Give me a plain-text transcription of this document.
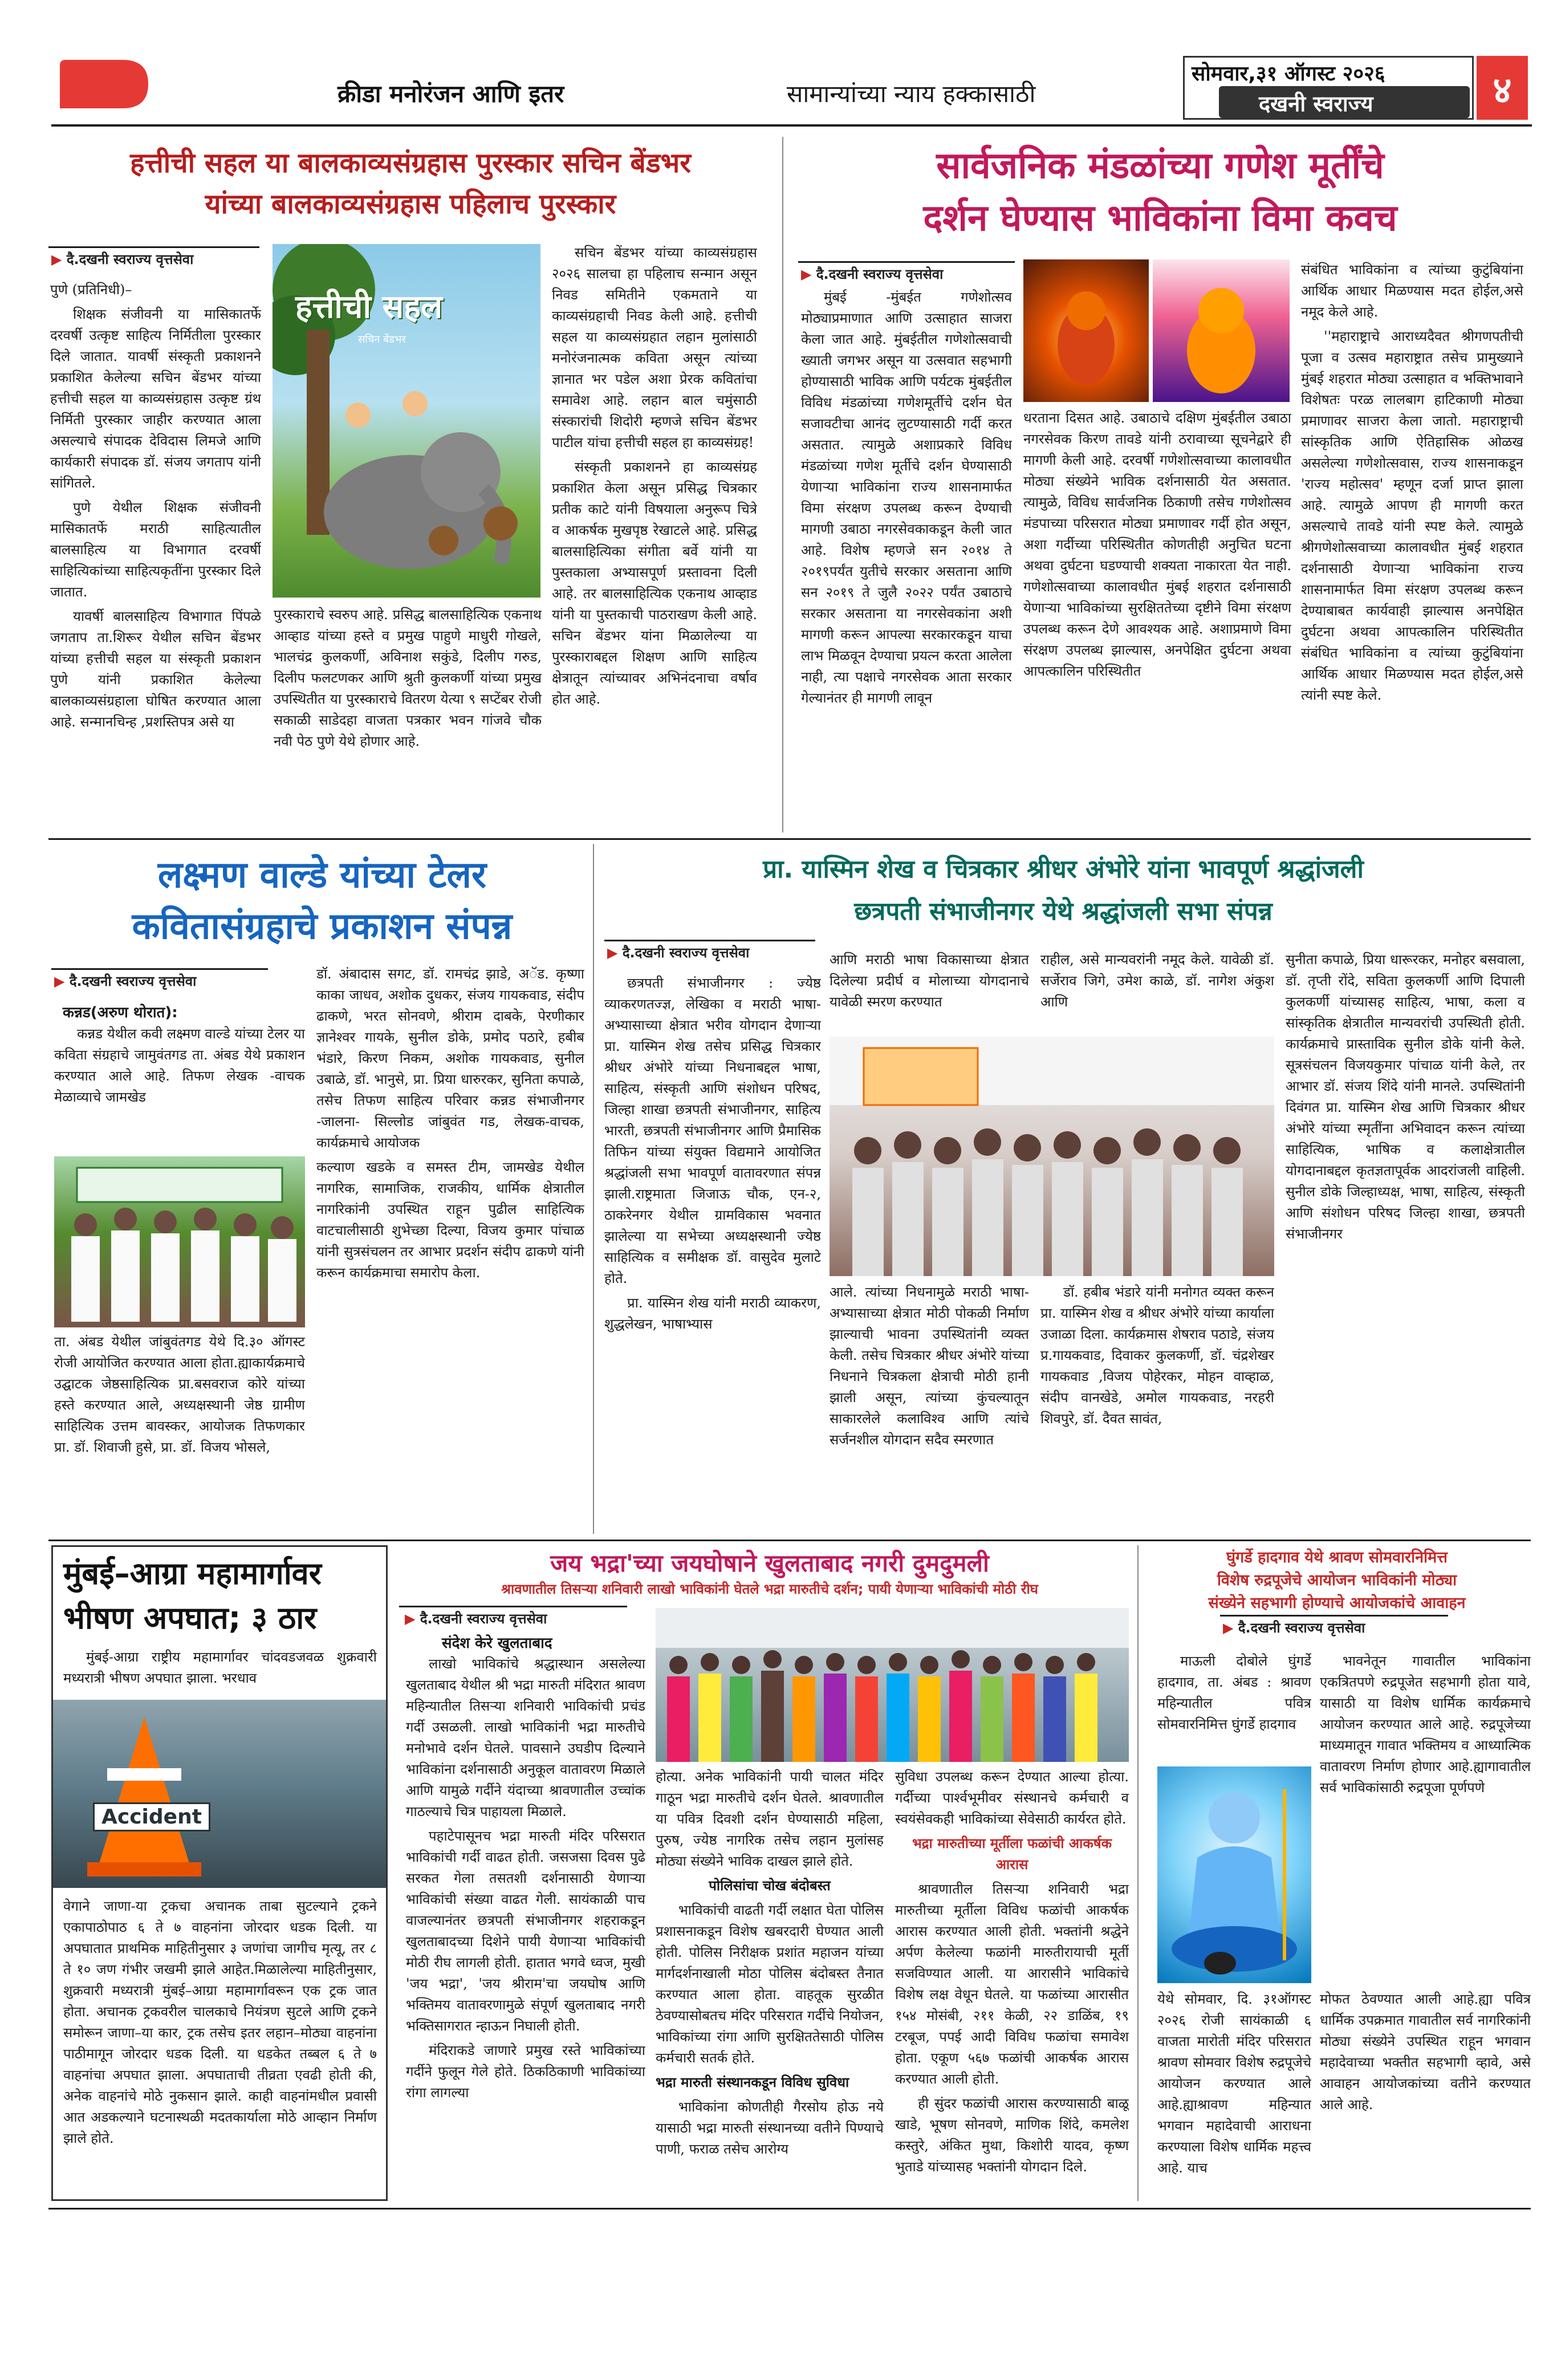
क्रीडा मनोरंजन आणि इतर	सामान्यांच्या न्याय हक्कासाठी
सोमवार,३१ ऑगस्ट २०२६
दखनी स्वराज्य	४
हत्तीची सहल या बालकाव्यसंग्रहास पुरस्कार सचिन बेंडभर
यांच्या बालकाव्यसंग्रहास पहिलाच पुरस्कार
▶ दै.दखनी स्वराज्य वृत्तसेवा

पुणे (प्रतिनिधी)–

शिक्षक संजीवनी या मासिकातर्फे दरवर्षी उत्कृष्ट साहित्य निर्मितीला पुरस्कार दिले जातात. यावर्षी संस्कृती प्रकाशनने प्रकाशित केलेल्या सचिन बेंडभर यांच्या हत्तीची सहल या काव्यसंग्रहास उत्कृष्ट ग्रंथ निर्मिती पुरस्कार जाहीर करण्यात आला असल्याचे संपादक देविदास लिमजे आणि कार्यकारी संपादक डॉ. संजय जगताप यांनी सांगितले.

पुणे येथील शिक्षक संजीवनी मासिकातर्फे मराठी साहित्यातील बालसाहित्य या विभागात दरवर्षी साहित्यिकांच्या साहित्यकृतींना पुरस्कार दिले जातात.

यावर्षी बालसाहित्य विभागात पिंपळे जगताप ता.शिरूर येथील सचिन बेंडभर यांच्या हत्तीची सहल या संस्कृती प्रकाशन पुणे यांनी प्रकाशित केलेल्या बालकाव्यसंग्रहाला घोषित करण्यात आला आहे. सन्मानचिन्ह ,प्रशस्तिपत्र असे या

हत्तीची सहल
सचिन बेंडभर

पुरस्काराचे स्वरुप आहे. प्रसिद्ध बालसाहित्यिक एकनाथ आव्हाड यांच्या हस्ते व प्रमुख पाहुणे माधुरी गोखले, भालचंद्र कुलकर्णी, अविनाश सकुंडे, दिलीप गरुड, दिलीप फलटणकर आणि श्रुती कुलकर्णी यांच्या प्रमुख उपस्थितीत या पुरस्काराचे वितरण येत्या ९ सप्टेंबर रोजी सकाळी साडेदहा वाजता पत्रकार भवन गांजवे चौक नवी पेठ पुणे येथे होणार आहे.

सचिन बेंडभर यांच्या काव्यसंग्रहास २०२६ सालचा हा पहिलाच सन्मान असून निवड समितीने एकमताने या काव्यसंग्रहाची निवड केली आहे. हत्तीची सहल या काव्यसंग्रहात लहान मुलांसाठी मनोरंजनात्मक कविता असून त्यांच्या ज्ञानात भर पडेल अशा प्रेरक कवितांचा समावेश आहे. लहान बाल चमुंसाठी संस्कारांची शिदोरी म्हणजे सचिन बेंडभर पाटील यांचा हत्तीची सहल हा काव्यसंग्रह!

संस्कृती प्रकाशनने हा काव्यसंग्रह प्रकाशित केला असून प्रसिद्ध चित्रकार प्रतीक काटे यांनी विषयाला अनुरूप चित्रे व आकर्षक मुखपृष्ठ रेखाटले आहे. प्रसिद्ध बालसाहित्यिका संगीता बर्वे यांनी या पुस्तकाला अभ्यासपूर्ण प्रस्तावना दिली आहे. तर बालसाहित्यिक एकनाथ आव्हाड यांनी या पुस्तकाची पाठराखण केली आहे. सचिन बेंडभर यांना मिळालेल्या या पुरस्काराबद्दल शिक्षण आणि साहित्य क्षेत्रातून त्यांच्यावर अभिनंदनाचा वर्षाव होत आहे.

सार्वजनिक मंडळांच्या गणेश मूर्तींचे
दर्शन घेण्यास भाविकांना विमा कवच
▶ दै.दखनी स्वराज्य वृत्तसेवा

मुंबई -मुंबईत गणेशोत्सव मोठ्याप्रमाणात आणि उत्साहात साजरा केला जात आहे. मुंबईतील गणेशोत्सवाची ख्याती जगभर असून या उत्सवात सहभागी होण्यासाठी भाविक आणि पर्यटक मुंबईतील विविध मंडळांच्या गणेशमूर्तीचे दर्शन घेत सजावटीचा आनंद लुटण्यासाठी गर्दी करत असतात. त्यामुळे अशाप्रकारे विविध मंडळांच्या गणेश मूर्तीचे दर्शन घेण्यासाठी येणाऱ्या भाविकांना राज्य शासनामार्फत विमा संरक्षण उपलब्ध करून देण्याची मागणी उबाठा नगरसेवकाकडून केली जात आहे. विशेष म्हणजे सन २०१४ ते २०१९पर्यंत युतीचे सरकार असताना आणि सन २०१९ ते जुलै २०२२ पर्यंत उबाठाचे सरकार असताना या नगरसेवकांना अशी मागणी करून आपल्या सरकारकडून याचा लाभ मिळवून देण्याचा प्रयत्न करता आलेला नाही, त्या पक्षाचे नगरसेवक आता सरकार गेल्यानंतर ही मागणी लावून

धरताना दिसत आहे. उबाठाचे दक्षिण मुंबईतील उबाठा नगरसेवक किरण तावडे यांनी ठरावाच्या सूचनेद्वारे ही मागणी केली आहे. दरवर्षी गणेशोत्सवाच्या कालावधीत मोठ्या संख्येने भाविक दर्शनासाठी येत असतात. त्यामुळे, विविध सार्वजनिक ठिकाणी तसेच गणेशोत्सव मंडपाच्या परिसरात मोठ्या प्रमाणावर गर्दी होत असून, अशा गर्दीच्या परिस्थितीत कोणतीही अनुचित घटना अथवा दुर्घटना घडण्याची शक्यता नाकारता येत नाही. गणेशोत्सवाच्या कालावधीत मुंबई शहरात दर्शनासाठी येणाऱ्या भाविकांच्या सुरक्षिततेच्या दृष्टीने विमा संरक्षण उपलब्ध करून देणे आवश्यक आहे. अशाप्रमाणे विमा संरक्षण उपलब्ध झाल्यास, अनपेक्षित दुर्घटना अथवा आपत्कालिन परिस्थितीत

संबंधित भाविकांना व त्यांच्या कुटुंबियांना आर्थिक आधार मिळण्यास मदत होईल,असे नमूद केले आहे.

''महाराष्ट्राचे आराध्यदैवत श्रीगणपतीची पूजा व उत्सव महाराष्ट्रात तसेच प्रामुख्याने मुंबई शहरात मोठ्या उत्साहात व भक्तिभावाने विशेषतः परळ लालबाग हाटिकाणी मोठ्या प्रमाणावर साजरा केला जातो. महाराष्ट्राची सांस्कृतिक आणि ऐतिहासिक ओळख असलेल्या गणेशोत्सवास, राज्य शासनाकडून 'राज्य महोत्सव' म्हणून दर्जा प्राप्त झाला आहे. त्यामुळे आपण ही मागणी करत असल्याचे तावडे यांनी स्पष्ट केले. त्यामुळे श्रीगणेशोत्सवाच्या कालावधीत मुंबई शहरात दर्शनासाठी येणाऱ्या भाविकांना राज्य शासनामार्फत विमा संरक्षण उपलब्ध करून देण्याबाबत कार्यवाही झाल्यास अनपेक्षित दुर्घटना अथवा आपत्कालिन परिस्थितीत संबंधित भाविकांना व त्यांच्या कुटुंबियांना आर्थिक आधार मिळण्यास मदत होईल,असे त्यांनी स्पष्ट केले.

लक्ष्मण वाल्डे यांच्या टेलर
कवितासंग्रहाचे प्रकाशन संपन्न
▶ दै.दखनी स्वराज्य वृत्तसेवा
कन्नड(अरुण थोरात):

कन्नड येथील कवी लक्ष्मण वाल्डे यांच्या टेलर या कविता संग्रहाचे जामुवंतगड ता. अंबड येथे प्रकाशन करण्यात आले आहे. तिफण लेखक -वाचक मेळाव्याचे जामखेड

ता. अंबड येथील जांबुवंतगड येथे दि.३० ऑगस्ट रोजी आयोजित करण्यात आला होता.ह्याकार्यक्रमाचे उद्घाटक जेष्ठसाहित्यिक प्रा.बसवराज कोरे यांच्या हस्ते करण्यात आले, अध्यक्षस्थानी जेष्ठ ग्रामीण साहित्यिक उत्तम बावस्कर, आयोजक तिफणकार प्रा. डॉ. शिवाजी हुसे, प्रा. डॉ. विजय भोसले,

डॉ. अंबादास सगट, डॉ. रामचंद्र झाडे, अॅड. कृष्णा काका जाधव, अशोक दुधकर, संजय गायकवाड, संदीप ढाकणे, भरत सोनवणे, श्रीराम दाबके, पेरणीकार ज्ञानेश्वर गायके, सुनील डोके, प्रमोद पठारे, हबीब भंडारे, किरण निकम, अशोक गायकवाड, सुनील उबाळे, डॉ. भानुसे, प्रा. प्रिया धारुरकर, सुनिता कपाळे, तसेच तिफण साहित्य परिवार कन्नड संभाजीनगर -जालना- सिल्लोड जांबुवंत गड, लेखक-वाचक, कार्यक्रमाचे आयोजक

कल्याण खडके व समस्त टीम, जामखेड येथील नागरिक, सामाजिक, राजकीय, धार्मिक क्षेत्रातील नागरिकांनी उपस्थित राहून पुढील साहित्यिक वाटचालीसाठी शुभेच्छा दिल्या, विजय कुमार पांचाळ यांनी सुत्रसंचलन तर आभार प्रदर्शन संदीप ढाकणे यांनी करून कार्यक्रमाचा समारोप केला.

प्रा. यास्मिन शेख व चित्रकार श्रीधर अंभोरे यांना भावपूर्ण श्रद्धांजली
छत्रपती संभाजीनगर येथे श्रद्धांजली सभा संपन्न
▶ दै.दखनी स्वराज्य वृत्तसेवा

छत्रपती संभाजीनगर : ज्येष्ठ व्याकरणतज्ज्ञ, लेखिका व मराठी भाषा-अभ्यासाच्या क्षेत्रात भरीव योगदान देणाऱ्या प्रा. यास्मिन शेख तसेच प्रसिद्ध चित्रकार श्रीधर अंभोरे यांच्या निधनाबद्दल भाषा, साहित्य, संस्कृती आणि संशोधन परिषद, जिल्हा शाखा छत्रपती संभाजीनगर, साहित्य भारती, छत्रपती संभाजीनगर आणि प्रैमासिक तिफिन यांच्या संयुक्त विद्यमाने आयोजित श्रद्धांजली सभा भावपूर्ण वातावरणात संपन्न झाली.राष्ट्रमाता जिजाऊ चौक, एन-२, ठाकरेनगर येथील ग्रामविकास भवनात झालेल्या या सभेच्या अध्यक्षस्थानी ज्येष्ठ साहित्यिक व समीक्षक डॉ. वासुदेव मुलाटे होते.

प्रा. यास्मिन शेख यांनी मराठी व्याकरण, शुद्धलेखन, भाषाभ्यास

आणि मराठी भाषा विकासाच्या क्षेत्रात दिलेल्या प्रदीर्घ व मोलाच्या योगदानाचे यावेळी स्मरण करण्यात

राहील, असे मान्यवरांनी नमूद केले. यावेळी डॉ. सर्जेराव जिगे, उमेश काळे, डॉ. नागेश अंकुश आणि

आले. त्यांच्या निधनामुळे मराठी भाषा-अभ्यासाच्या क्षेत्रात मोठी पोकळी निर्माण झाल्याची भावना उपस्थितांनी व्यक्त केली. तसेच चित्रकार श्रीधर अंभोरे यांच्या निधनाने चित्रकला क्षेत्राची मोठी हानी झाली असून, त्यांच्या कुंचल्यातून साकारलेले कलाविश्व आणि त्यांचे सर्जनशील योगदान सदैव स्मरणात

डॉ. हबीब भंडारे यांनी मनोगत व्यक्त करून प्रा. यास्मिन शेख व श्रीधर अंभोरे यांच्या कार्याला उजाळा दिला. कार्यक्रमास शेषराव पठाडे, संजय प्र.गायकवाड, दिवाकर कुलकर्णी, डॉ. चंद्रशेखर गायकवाड ,विजय पोहेरकर, मोहन वाव्हाळ, संदीप वानखेडे, अमोल गायकवाड, नरहरी शिवपुरे, डॉ. दैवत सावंत,

सुनीता कपाळे, प्रिया धारूरकर, मनोहर बसवाला, डॉ. तृप्ती रोंदे, सविता कुलकर्णी आणि दिपाली कुलकर्णी यांच्यासह साहित्य, भाषा, कला व सांस्कृतिक क्षेत्रातील मान्यवरांची उपस्थिती होती. कार्यक्रमाचे प्रास्ताविक सुनील डोके यांनी केले. सूत्रसंचलन विजयकुमार पांचाळ यांनी केले, तर आभार डॉ. संजय शिंदे यांनी मानले. उपस्थितांनी दिवंगत प्रा. यास्मिन शेख आणि चित्रकार श्रीधर अंभोरे यांच्या स्मृतींना अभिवादन करून त्यांच्या साहित्यिक, भाषिक व कलाक्षेत्रातील योगदानाबद्दल कृतज्ञतापूर्वक आदरांजली वाहिली. सुनील डोके जिल्हाध्यक्ष, भाषा, साहित्य, संस्कृती आणि संशोधन परिषद जिल्हा शाखा, छत्रपती संभाजीनगर

मुंबई–आग्रा महामार्गावर
भीषण अपघात; ३ ठार

मुंबई-आग्रा राष्ट्रीय महामार्गावर चांदवडजवळ शुक्रवारी मध्यरात्री भीषण अपघात झाला. भरधाव

Accident

वेगाने जाणा-या ट्रकचा अचानक ताबा सुटल्याने ट्रकने एकापाठोपाठ ६ ते ७ वाहनांना जोरदार धडक दिली. या अपघातात प्राथमिक माहितीनुसार ३ जणांचा जागीच मृत्यू, तर ८ ते १० जण गंभीर जखमी झाले आहेत.मिळालेल्या माहितीनुसार, शुक्रवारी मध्यरात्री मुंबई–आग्रा महामार्गावरून एक ट्रक जात होता. अचानक ट्रकवरील चालकाचे नियंत्रण सुटले आणि ट्रकने समोरून जाणा–या कार, ट्रक तसेच इतर लहान–मोठ्या वाहनांना पाठीमागून जोरदार धडक दिली. या धडकेत तब्बल ६ ते ७ वाहनांचा अपघात झाला. अपघाताची तीव्रता एवढी होती की, अनेक वाहनांचे मोठे नुकसान झाले. काही वाहनांमधील प्रवासी आत अडकल्याने घटनास्थळी मदतकार्याला मोठे आव्हान निर्माण झाले होते.

जय भद्रा'च्या जयघोषाने खुलताबाद नगरी दुमदुमली
श्रावणातील तिसऱ्या शनिवारी लाखो भाविकांनी घेतले भद्रा मारुतीचे दर्शन; पायी येणाऱ्या भाविकांची मोठी रीघ
▶ दै.दखनी स्वराज्य वृत्तसेवा
संदेश केरे खुलताबाद

लाखो भाविकांचे श्रद्धास्थान असलेल्या खुलताबाद येथील श्री भद्रा मारुती मंदिरात श्रावण महिन्यातील तिसऱ्या शनिवारी भाविकांची प्रचंड गर्दी उसळली. लाखो भाविकांनी भद्रा मारुतीचे मनोभावे दर्शन घेतले. पावसाने उघडीप दिल्याने भाविकांना दर्शनासाठी अनुकूल वातावरण मिळाले आणि यामुळे गर्दीने यंदाच्या श्रावणातील उच्चांक गाठल्याचे चित्र पाहायला मिळाले.

पहाटेपासूनच भद्रा मारुती मंदिर परिसरात भाविकांची गर्दी वाढत होती. जसजसा दिवस पुढे सरकत गेला तसतशी दर्शनासाठी येणाऱ्या भाविकांची संख्या वाढत गेली. सायंकाळी पाच वाजल्यानंतर छत्रपती संभाजीनगर शहराकडून खुलताबादच्या दिशेने पायी येणाऱ्या भाविकांची मोठी रीघ लागली होती. हातात भगवे ध्वज, मुखी 'जय भद्रा', 'जय श्रीराम'चा जयघोष आणि भक्तिमय वातावरणामुळे संपूर्ण खुलताबाद नगरी भक्तिसागरात न्हाऊन निघाली होती.

मंदिराकडे जाणारे प्रमुख रस्ते भाविकांच्या गर्दीने फुलून गेले होते. ठिकठिकाणी भाविकांच्या रांगा लागल्या

होत्या. अनेक भाविकांनी पायी चालत मंदिर गाठून भद्रा मारुतीचे दर्शन घेतले. श्रावणातील या पवित्र दिवशी दर्शन घेण्यासाठी महिला, पुरुष, ज्येष्ठ नागरिक तसेच लहान मुलांसह मोठ्या संख्येने भाविक दाखल झाले होते.

पोलिसांचा चोख बंदोबस्त

भाविकांची वाढती गर्दी लक्षात घेता पोलिस प्रशासनाकडून विशेष खबरदारी घेण्यात आली होती. पोलिस निरीक्षक प्रशांत महाजन यांच्या मार्गदर्शनाखाली मोठा पोलिस बंदोबस्त तैनात करण्यात आला होता. वाहतूक सुरळीत ठेवण्यासोबतच मंदिर परिसरात गर्दीचे नियोजन, भाविकांच्या रांगा आणि सुरक्षिततेसाठी पोलिस कर्मचारी सतर्क होते.

भद्रा मारुती संस्थानकडून विविध सुविधा

भाविकांना कोणतीही गैरसोय होऊ नये यासाठी भद्रा मारुती संस्थानच्या वतीने पिण्याचे पाणी, फराळ तसेच आरोग्य

सुविधा उपलब्ध करून देण्यात आल्या होत्या. गर्दीच्या पार्श्वभूमीवर संस्थानचे कर्मचारी व स्वयंसेवकही भाविकांच्या सेवेसाठी कार्यरत होते.

भद्रा मारुतीच्या मूर्तीला फळांची आकर्षक आरास

श्रावणातील तिसऱ्या शनिवारी भद्रा मारुतीच्या मूर्तीला विविध फळांची आकर्षक आरास करण्यात आली होती. भक्तांनी श्रद्धेने अर्पण केलेल्या फळांनी मारुतीरायाची मूर्ती सजविण्यात आली. या आरासीने भाविकांचे विशेष लक्ष वेधून घेतले. या फळांच्या आरासीत १५४ मोसंबी, २११ केळी, २२ डाळिंब, १९ टरबूज, पपई आदी विविध फळांचा समावेश होता. एकूण ५६७ फळांची आकर्षक आरास करण्यात आली होती.

ही सुंदर फळांची आरास करण्यासाठी बाळू खाडे, भूषण सोनवणे, माणिक शिंदे, कमलेश कस्तुरे, अंकित मुथा, किशोरी यादव, कृष्ण भुताडे यांच्यासह भक्तांनी योगदान दिले.

घुंगर्डे हादगाव येथे श्रावण सोमवारनिमित्त
विशेष रुद्रपूजेचे आयोजन भाविकांनी मोठ्या
संख्येने सहभागी होण्याचे आयोजकांचे आवाहन
▶ दै.दखनी स्वराज्य वृत्तसेवा

माऊली दोबोले घुंगर्डे हादगाव, ता. अंबड : श्रावण महिन्यातील पवित्र सोमवारनिमित्त घुंगर्डे हादगाव

येथे सोमवार, दि. ३१ऑगस्ट २०२६ रोजी सायंकाळी ६ वाजता मारोती मंदिर परिसरात श्रावण सोमवार विशेष रुद्रपूजेचे आयोजन करण्यात आले आहे.ह्याश्रावण महिन्यात भगवान महादेवाची आराधना करण्याला विशेष धार्मिक महत्त्व आहे. याच

भावनेतून गावातील भाविकांना एकत्रितपणे रुद्रपूजेत सहभागी होता यावे, यासाठी या विशेष धार्मिक कार्यक्रमाचे आयोजन करण्यात आले आहे. रुद्रपूजेच्या माध्यमातून गावात भक्तिमय व आध्यात्मिक वातावरण निर्माण होणार आहे.ह्यागावातील सर्व भाविकांसाठी रुद्रपूजा पूर्णपणे

मोफत ठेवण्यात आली आहे.ह्या पवित्र धार्मिक उपक्रमात गावातील सर्व नागरिकांनी मोठ्या संख्येने उपस्थित राहून भगवान महादेवाच्या भक्तीत सहभागी व्हावे, असे आवाहन आयोजकांच्या वतीने करण्यात आले आहे.
